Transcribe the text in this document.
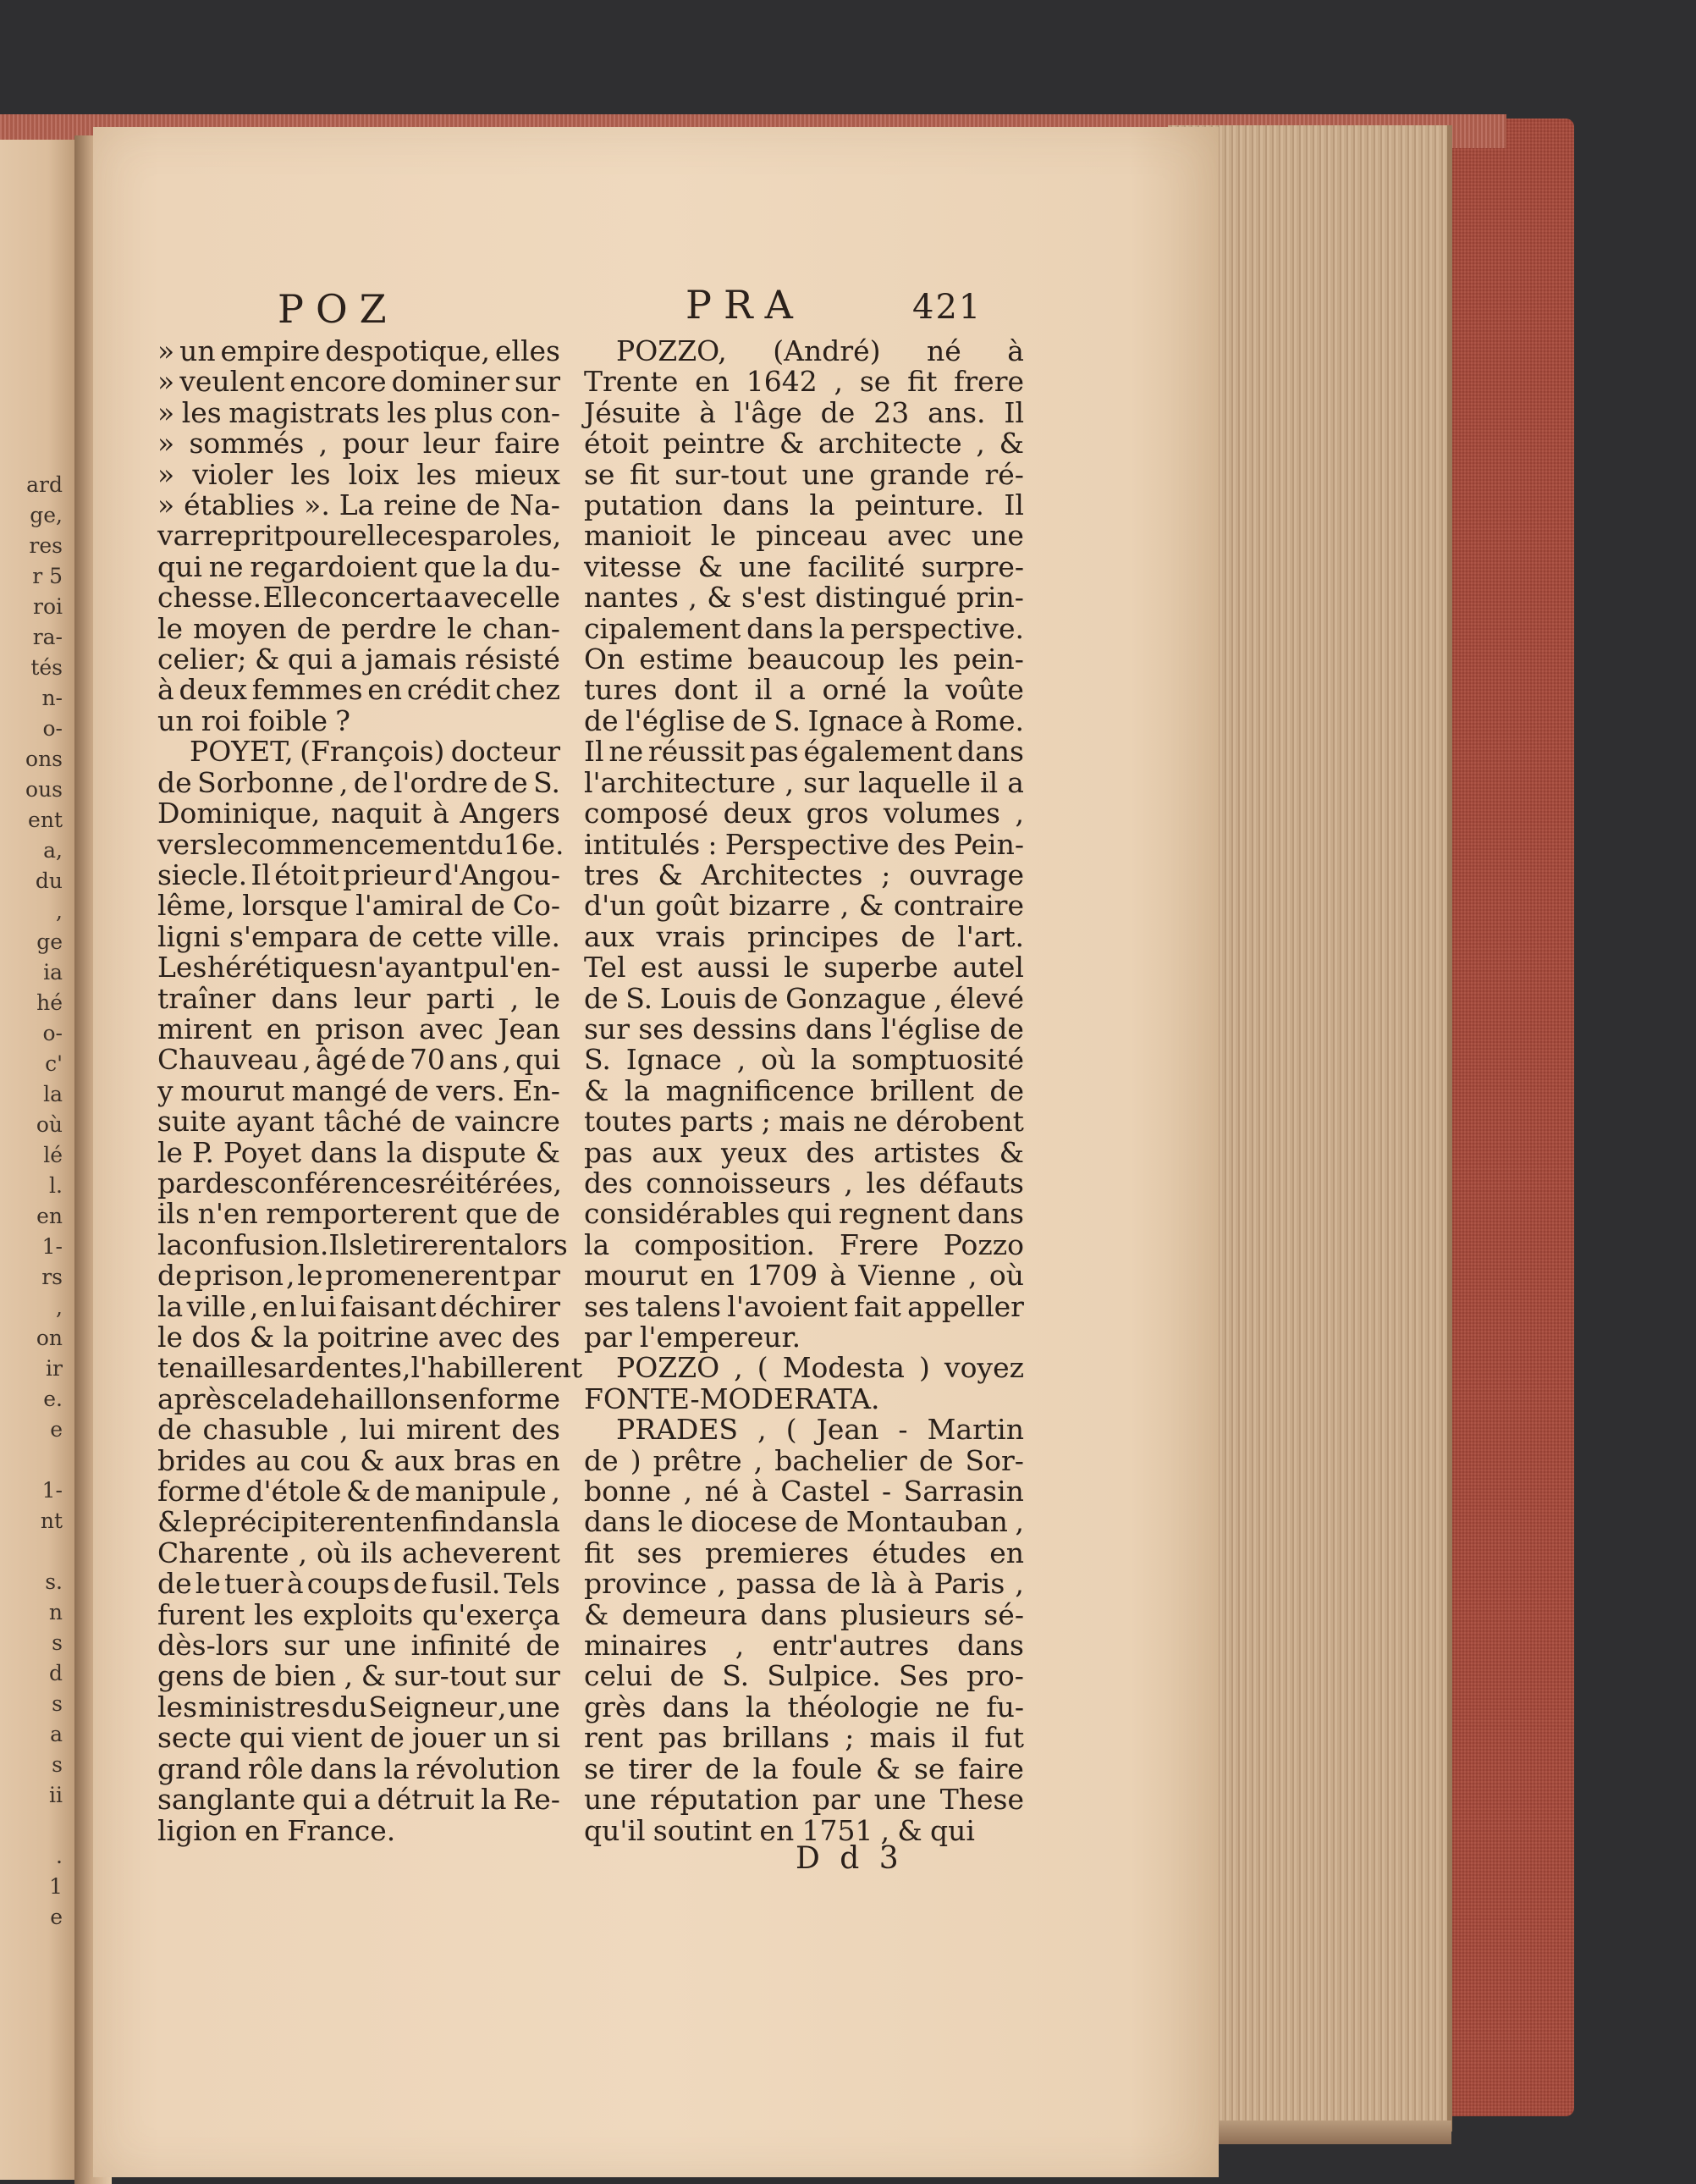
ard
ge,
res
r 5
roi
ra-
tés
n-
o-
ons
ous
ent
a,
du
,
ge
ia
hé
o-
c'
la
où
lé
l.
en
1-
rs
,
on
ir
e.
e

1-
nt

s.
n
s
d
s
a
s
ii

.
1
e

POZ	PRA	421
» un empire despotique, elles
» veulent encore dominer sur
» les magistrats les plus con-
» sommés , pour leur faire
» violer les loix les mieux
» établies ». La reine de Na-
varre prit pour elle ces paroles,
qui ne regardoient que la du-
chesse. Elle concerta avec elle
le moyen de perdre le chan-
celier; & qui a jamais résisté
à deux femmes en crédit chez
un roi foible ?
POYET, (François) docteur
de Sorbonne , de l'ordre de S.
Dominique, naquit à Angers
vers le commencement du 16e.
siecle. Il étoit prieur d'Angou-
lême, lorsque l'amiral de Co-
ligni s'empara de cette ville.
Les hérétiques n'ayant pu l'en-
traîner dans leur parti , le
mirent en prison avec Jean
Chauveau , âgé de 70 ans , qui
y mourut mangé de vers. En-
suite ayant tâché de vaincre
le P. Poyet dans la dispute &
par des conférences réitérées ,
ils n'en remporterent que de
la confusion. Ils le tirerent alors
de prison , le promenerent par
la ville , en lui faisant déchirer
le dos & la poitrine avec des
tenailles ardentes , l'habillerent
après cela de haillons en forme
de chasuble , lui mirent des
brides au cou & aux bras en
forme d'étole & de manipule ,
& le précipiterent enfin dans la
Charente , où ils acheverent
de le tuer à coups de fusil. Tels
furent les exploits qu'exerça
dès-lors sur une infinité de
gens de bien , & sur-tout sur
les ministres du Seigneur , une
secte qui vient de jouer un si
grand rôle dans la révolution
sanglante qui a détruit la Re-
ligion en France.
POZZO, (André) né à
Trente en 1642 , se fit frere
Jésuite à l'âge de 23 ans. Il
étoit peintre & architecte , &
se fit sur-tout une grande ré-
putation dans la peinture. Il
manioit le pinceau avec une
vitesse & une facilité surpre-
nantes , & s'est distingué prin-
cipalement dans la perspective.
On estime beaucoup les pein-
tures dont il a orné la voûte
de l'église de S. Ignace à Rome.
Il ne réussit pas également dans
l'architecture , sur laquelle il a
composé deux gros volumes ,
intitulés : Perspective des Pein-
tres & Architectes ; ouvrage
d'un goût bizarre , & contraire
aux vrais principes de l'art.
Tel est aussi le superbe autel
de S. Louis de Gonzague , élevé
sur ses dessins dans l'église de
S. Ignace , où la somptuosité
& la magnificence brillent de
toutes parts ; mais ne dérobent
pas aux yeux des artistes &
des connoisseurs , les défauts
considérables qui regnent dans
la composition. Frere Pozzo
mourut en 1709 à Vienne , où
ses talens l'avoient fait appeller
par l'empereur.
POZZO , ( Modesta ) voyez
FONTE-MODERATA.
PRADES , ( Jean - Martin
de ) prêtre , bachelier de Sor-
bonne , né à Castel - Sarrasin
dans le diocese de Montauban ,
fit ses premieres études en
province , passa de là à Paris ,
& demeura dans plusieurs sé-
minaires , entr'autres dans
celui de S. Sulpice. Ses pro-
grès dans la théologie ne fu-
rent pas brillans ; mais il fut
se tirer de la foule & se faire
une réputation par une These
qu'il soutint en 1751 , & qui
D d 3
